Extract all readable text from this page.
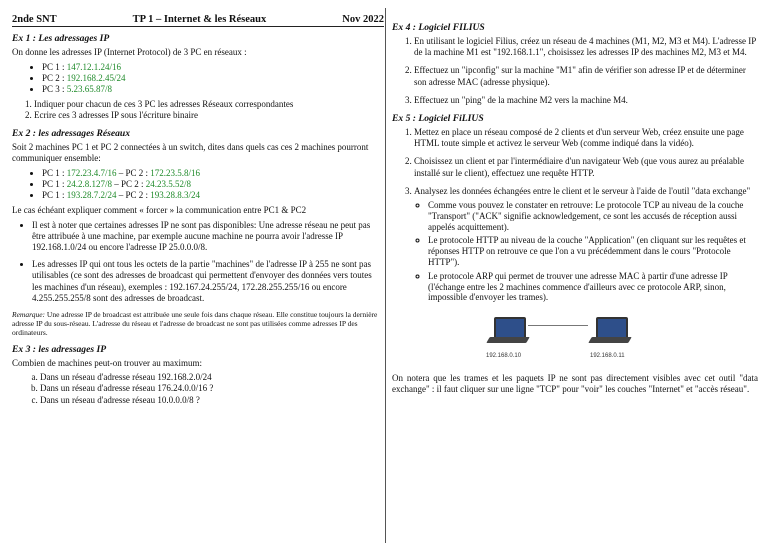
2nde SNT	TP 1 – Internet & les Réseaux	Nov 2022
Ex 1 : Les adressages IP
On donne les adresses IP (Internet Protocol) de 3 PC en réseaux :
• PC 1 : 147.12.1.24/16
• PC 2 : 192.168.2.45/24
• PC 3 : 5.23.65.87/8
1. Indiquer pour chacun de ces 3 PC les adresses Réseaux correspondantes
2. Ecrire ces 3 adresses IP sous l'écriture binaire
Ex 2 : les adressages Réseaux
Soit 2 machines PC 1 et PC 2 connectées à un switch, dites dans quels cas ces 2 machines pourront communiquer ensemble:
• PC 1 : 172.23.4.7/16 – PC 2 : 172.23.5.8/16
• PC 1 : 24.2.8.127/8 – PC 2 : 24.23.5.52/8
• PC 1 : 193.28.7.2/24 – PC 2 : 193.28.8.3/24
Le cas échéant expliquer comment « forcer » la communication entre PC1 & PC2
• Il est à noter que certaines adresses IP ne sont pas disponibles: Une adresse réseau ne peut pas être attribuée à une machine, par exemple aucune machine ne pourra avoir l'adresse IP 192.168.1.0/24 ou encore l'adresse IP 25.0.0.0/8.
• Les adresses IP qui ont tous les octets de la partie "machines" de l'adresse IP à 255 ne sont pas utilisables (ce sont des adresses de broadcast qui permettent d'envoyer des données vers toutes les machines d'un réseau), exemples : 192.167.24.255/24, 172.28.255.255/16 ou encore 4.255.255.255/8 sont des adresses de broadcast.
Remarque: Une adresse IP de broadcast est attribuée une seule fois dans chaque réseau. Elle constitue toujours la dernière adresse IP du sous-réseau. L'adresse du réseau et l'adresse de broadcast ne sont pas utilisées comme adresses IP des ordinateurs.
Ex 3 : les adressages IP
Combien de machines peut-on trouver au maximum:
a. Dans un réseau d'adresse réseau 192.168.2.0/24
b. Dans un réseau d'adresse réseau 176.24.0.0/16 ?
c. Dans un réseau d'adresse réseau 10.0.0.0/8 ?
Ex 4 : Logiciel FILIUS
1. En utilisant le logiciel Filius, créez un réseau de 4 machines (M1, M2, M3 et M4). L'adresse IP de la machine M1 est "192.168.1.1", choisissez les adresses IP des machines M2, M3 et M4.
2. Effectuez un "ipconfig" sur la machine "M1" afin de vérifier son adresse IP et de déterminer son adresse MAC (adresse physique).
3. Effectuez un "ping" de la machine M2 vers la machine M4.
Ex 5 : Logiciel FiLIUS
1. Mettez en place un réseau composé de 2 clients et d'un serveur Web, créez ensuite une page HTML toute simple et activez le serveur Web (comme indiqué dans la vidéo).
2. Choisissez un client et par l'intermédiaire d'un navigateur Web (que vous aurez au préalable installé sur le client), effectuez une requête HTTP.
3. Analysez les données échangées entre le client et le serveur à l'aide de l'outil "data exchange"
◦ Comme vous pouvez le constater en retrouve: Le protocole TCP au niveau de la couche "Transport" ("ACK" signifie acknowledgement, ce sont les accusés de réception aussi appelés acquittement).
◦ Le protocole HTTP au niveau de la couche "Application" (en cliquant sur les requêtes et réponses HTTP on retrouve ce que l'on a vu précédemment dans le cours "Protocole HTTP").
◦ Le protocole ARP qui permet de trouver une adresse MAC à partir d'une adresse IP (l'échange entre les 2 machines commence d'ailleurs avec ce protocole ARP, sinon, impossible d'envoyer les trames).
192.168.0.10	192.168.0.11
On notera que les trames et les paquets IP ne sont pas directement visibles avec cet outil "data exchange" : il faut cliquer sur une ligne "TCP" pour "voir" les couches "Internet" et "accès réseau".
